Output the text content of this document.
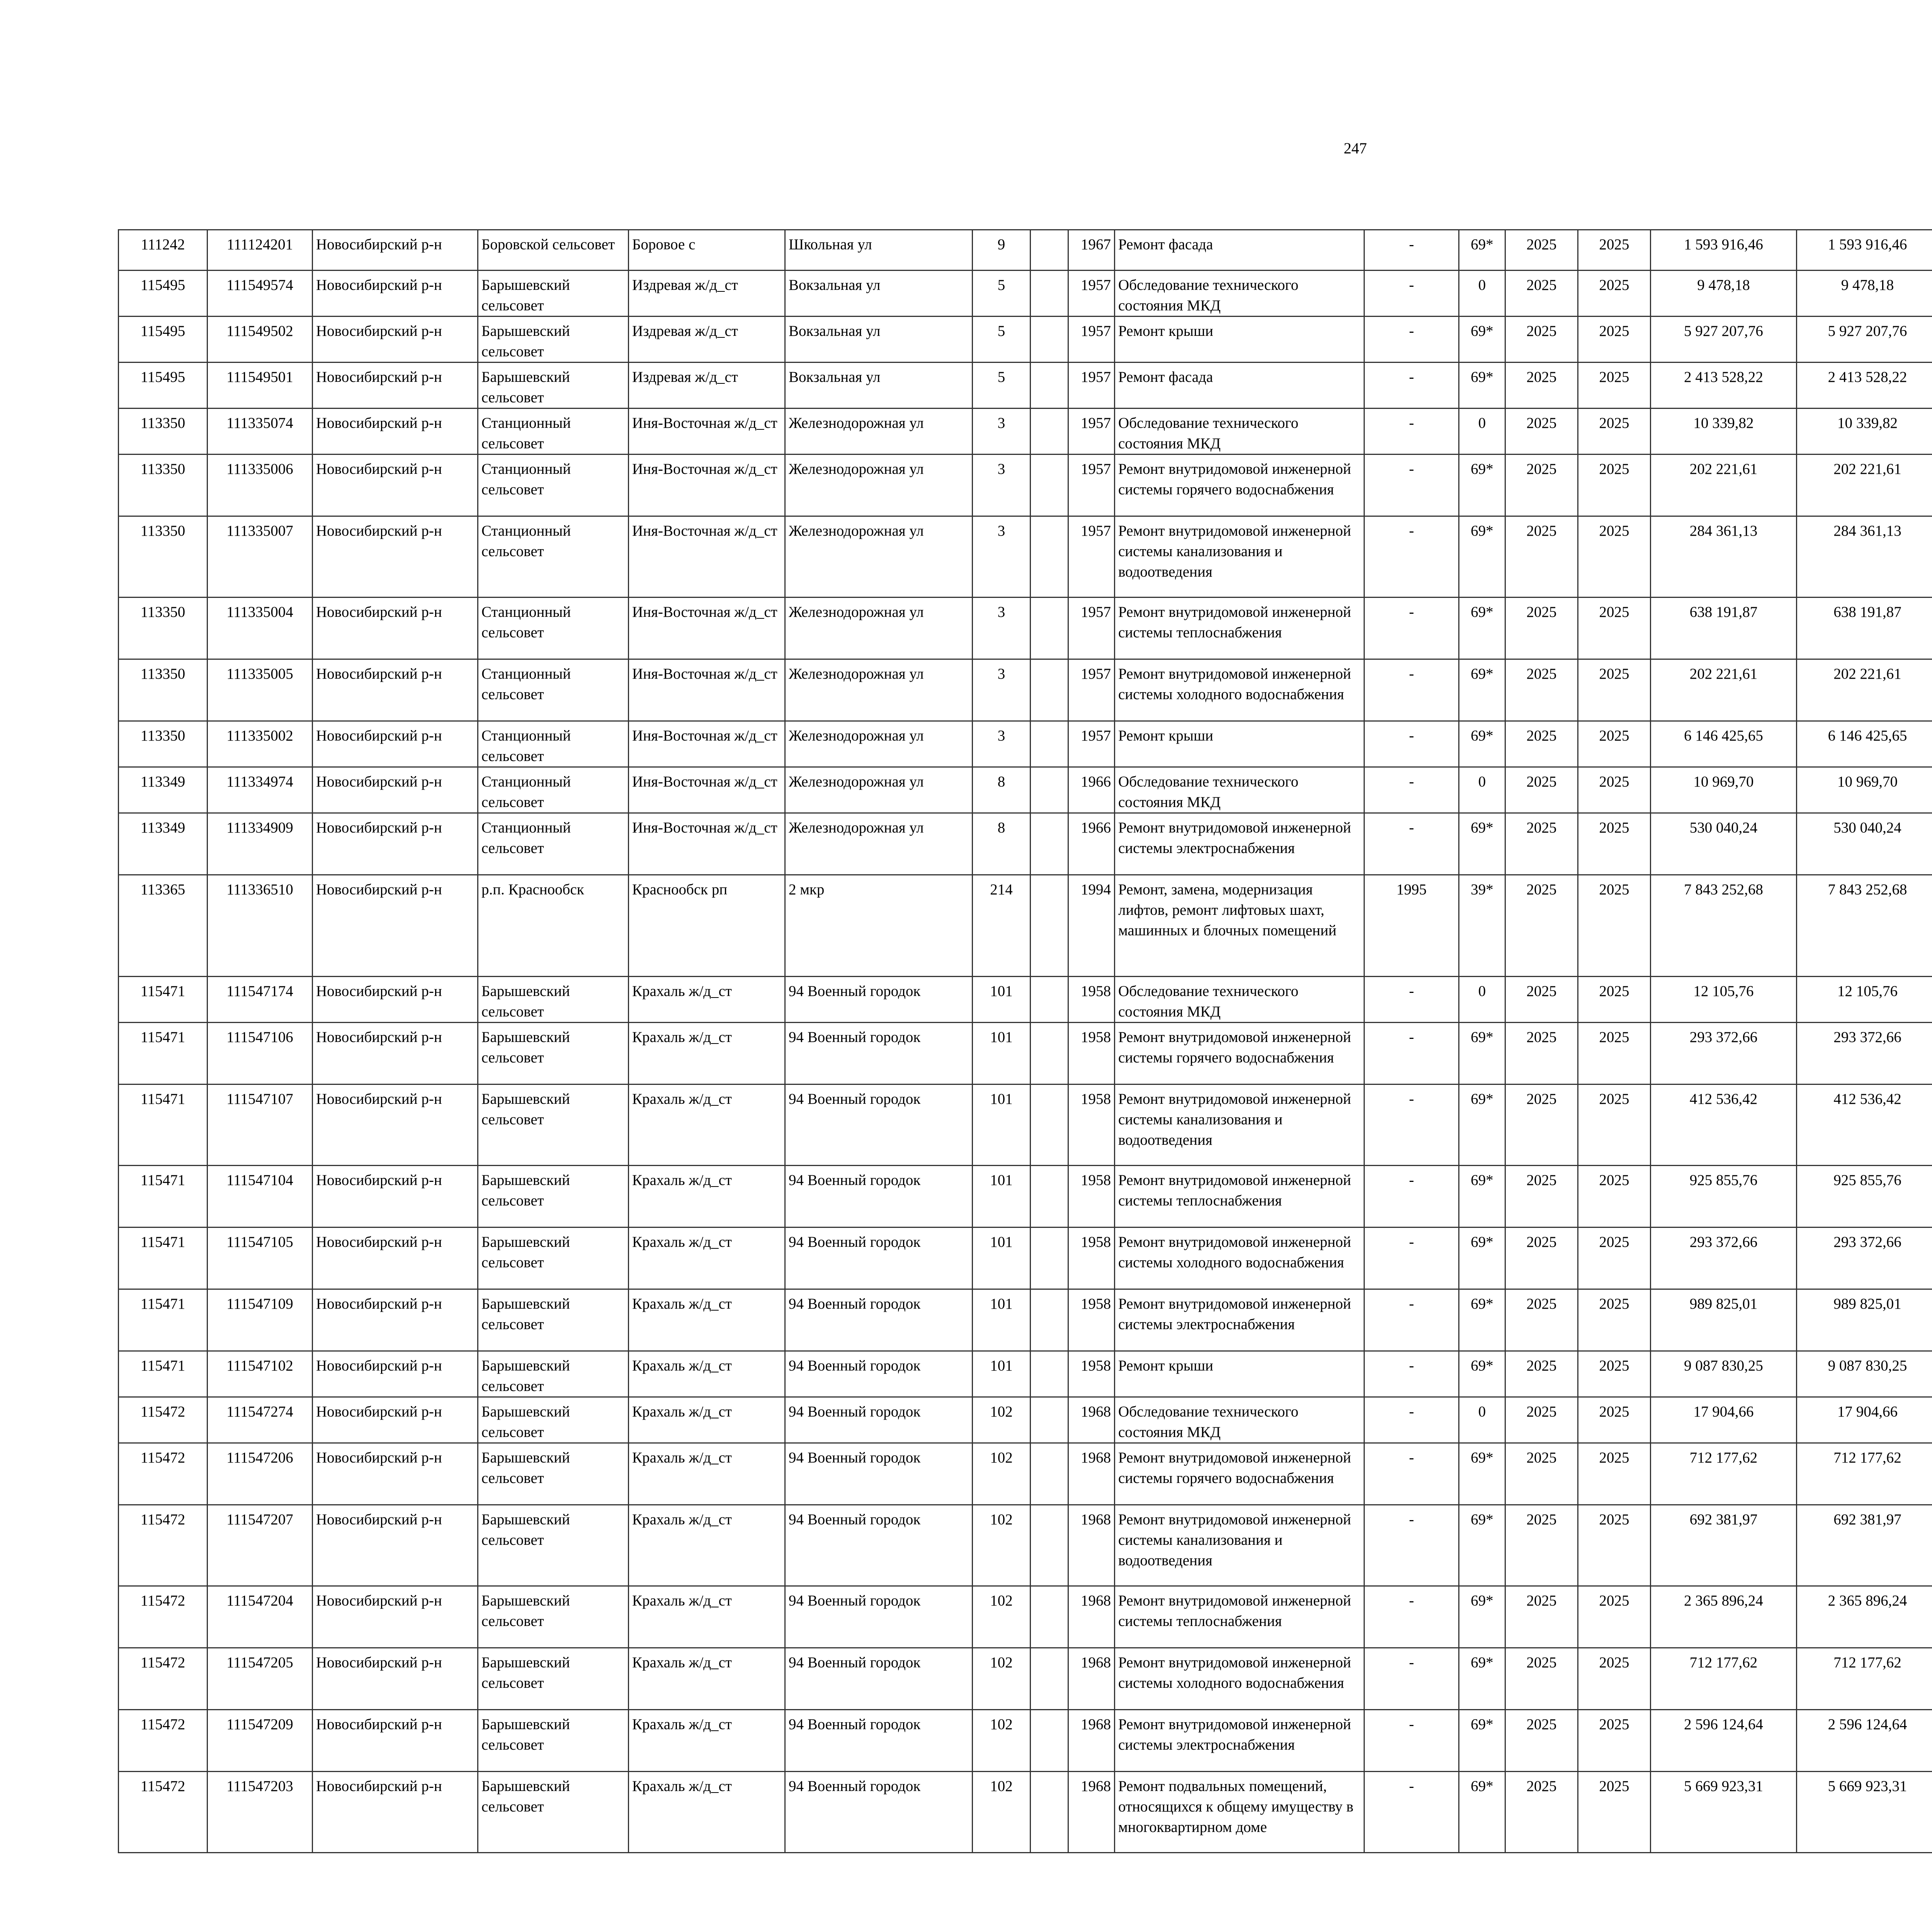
247
111242	111124201	Новосибирский р-н	Боровской сельсовет	Боровое с	Школьная ул	9		1967	Ремонт фасада	-	69*	2025	2025	1 593 916,46	1 593 916,46						
115495	111549574	Новосибирский р-н	Барышевский сельсовет	Издревая ж/д_ст	Вокзальная ул	5		1957	Обследование технического состояния МКД	-	0	2025	2025	9 478,18	9 478,18						
115495	111549502	Новосибирский р-н	Барышевский сельсовет	Издревая ж/д_ст	Вокзальная ул	5		1957	Ремонт крыши	-	69*	2025	2025	5 927 207,76	5 927 207,76						
115495	111549501	Новосибирский р-н	Барышевский сельсовет	Издревая ж/д_ст	Вокзальная ул	5		1957	Ремонт фасада	-	69*	2025	2025	2 413 528,22	2 413 528,22						
113350	111335074	Новосибирский р-н	Станционный сельсовет	Иня-Восточная ж/д_ст	Железнодорожная ул	3		1957	Обследование технического состояния МКД	-	0	2025	2025	10 339,82	10 339,82						
113350	111335006	Новосибирский р-н	Станционный сельсовет	Иня-Восточная ж/д_ст	Железнодорожная ул	3		1957	Ремонт внутридомовой инженерной системы горячего водоснабжения	-	69*	2025	2025	202 221,61	202 221,61						
113350	111335007	Новосибирский р-н	Станционный сельсовет	Иня-Восточная ж/д_ст	Железнодорожная ул	3		1957	Ремонт внутридомовой инженерной системы канализования и водоотведения	-	69*	2025	2025	284 361,13	284 361,13						
113350	111335004	Новосибирский р-н	Станционный сельсовет	Иня-Восточная ж/д_ст	Железнодорожная ул	3		1957	Ремонт внутридомовой инженерной системы теплоснабжения	-	69*	2025	2025	638 191,87	638 191,87						
113350	111335005	Новосибирский р-н	Станционный сельсовет	Иня-Восточная ж/д_ст	Железнодорожная ул	3		1957	Ремонт внутридомовой инженерной системы холодного водоснабжения	-	69*	2025	2025	202 221,61	202 221,61						
113350	111335002	Новосибирский р-н	Станционный сельсовет	Иня-Восточная ж/д_ст	Железнодорожная ул	3		1957	Ремонт крыши	-	69*	2025	2025	6 146 425,65	6 146 425,65						
113349	111334974	Новосибирский р-н	Станционный сельсовет	Иня-Восточная ж/д_ст	Железнодорожная ул	8		1966	Обследование технического состояния МКД	-	0	2025	2025	10 969,70	10 969,70						
113349	111334909	Новосибирский р-н	Станционный сельсовет	Иня-Восточная ж/д_ст	Железнодорожная ул	8		1966	Ремонт внутридомовой инженерной системы электроснабжения	-	69*	2025	2025	530 040,24	530 040,24						
113365	111336510	Новосибирский р-н	р.п. Краснообск	Краснообск рп	2 мкр	214		1994	Ремонт, замена, модернизация лифтов, ремонт лифтовых шахт, машинных и блочных помещений	1995	39*	2025	2025	7 843 252,68	7 843 252,68						
115471	111547174	Новосибирский р-н	Барышевский сельсовет	Крахаль ж/д_ст	94 Военный городок	101		1958	Обследование технического состояния МКД	-	0	2025	2025	12 105,76	12 105,76						
115471	111547106	Новосибирский р-н	Барышевский сельсовет	Крахаль ж/д_ст	94 Военный городок	101		1958	Ремонт внутридомовой инженерной системы горячего водоснабжения	-	69*	2025	2025	293 372,66	293 372,66						
115471	111547107	Новосибирский р-н	Барышевский сельсовет	Крахаль ж/д_ст	94 Военный городок	101		1958	Ремонт внутридомовой инженерной системы канализования и водоотведения	-	69*	2025	2025	412 536,42	412 536,42						
115471	111547104	Новосибирский р-н	Барышевский сельсовет	Крахаль ж/д_ст	94 Военный городок	101		1958	Ремонт внутридомовой инженерной системы теплоснабжения	-	69*	2025	2025	925 855,76	925 855,76						
115471	111547105	Новосибирский р-н	Барышевский сельсовет	Крахаль ж/д_ст	94 Военный городок	101		1958	Ремонт внутридомовой инженерной системы холодного водоснабжения	-	69*	2025	2025	293 372,66	293 372,66						
115471	111547109	Новосибирский р-н	Барышевский сельсовет	Крахаль ж/д_ст	94 Военный городок	101		1958	Ремонт внутридомовой инженерной системы электроснабжения	-	69*	2025	2025	989 825,01	989 825,01						
115471	111547102	Новосибирский р-н	Барышевский сельсовет	Крахаль ж/д_ст	94 Военный городок	101		1958	Ремонт крыши	-	69*	2025	2025	9 087 830,25	9 087 830,25						
115472	111547274	Новосибирский р-н	Барышевский сельсовет	Крахаль ж/д_ст	94 Военный городок	102		1968	Обследование технического состояния МКД	-	0	2025	2025	17 904,66	17 904,66						
115472	111547206	Новосибирский р-н	Барышевский сельсовет	Крахаль ж/д_ст	94 Военный городок	102		1968	Ремонт внутридомовой инженерной системы горячего водоснабжения	-	69*	2025	2025	712 177,62	712 177,62						
115472	111547207	Новосибирский р-н	Барышевский сельсовет	Крахаль ж/д_ст	94 Военный городок	102		1968	Ремонт внутридомовой инженерной системы канализования и водоотведения	-	69*	2025	2025	692 381,97	692 381,97						
115472	111547204	Новосибирский р-н	Барышевский сельсовет	Крахаль ж/д_ст	94 Военный городок	102		1968	Ремонт внутридомовой инженерной системы теплоснабжения	-	69*	2025	2025	2 365 896,24	2 365 896,24						
115472	111547205	Новосибирский р-н	Барышевский сельсовет	Крахаль ж/д_ст	94 Военный городок	102		1968	Ремонт внутридомовой инженерной системы холодного водоснабжения	-	69*	2025	2025	712 177,62	712 177,62						
115472	111547209	Новосибирский р-н	Барышевский сельсовет	Крахаль ж/д_ст	94 Военный городок	102		1968	Ремонт внутридомовой инженерной системы электроснабжения	-	69*	2025	2025	2 596 124,64	2 596 124,64						
115472	111547203	Новосибирский р-н	Барышевский сельсовет	Крахаль ж/д_ст	94 Военный городок	102		1968	Ремонт подвальных помещений, относящихся к общему имуществу в многоквартирном доме	-	69*	2025	2025	5 669 923,31	5 669 923,31						
